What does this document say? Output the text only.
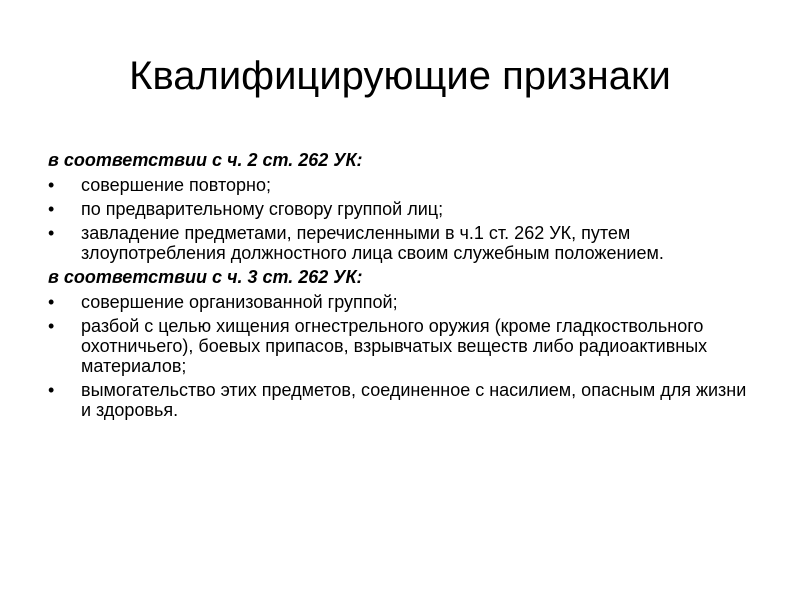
Квалифицирующие признаки

в соответствии с ч. 2 ст. 262 УК:

•	совершение повторно;
•	по предварительному сговору группой лиц;
•	завладение предметами, перечисленными в ч.1 ст. 262 УК, путем злоупотребления должностного лица своим служебным положением.

в соответствии с ч. 3 ст. 262 УК:

•	совершение организованной группой;
•	разбой с целью хищения огнестрельного оружия (кроме гладкоствольного охотничьего), боевых припасов, взрывчатых веществ либо радиоактивных материалов;
•	вымогательство этих предметов, соединенное с насилием, опасным для жизни и здоровья.
